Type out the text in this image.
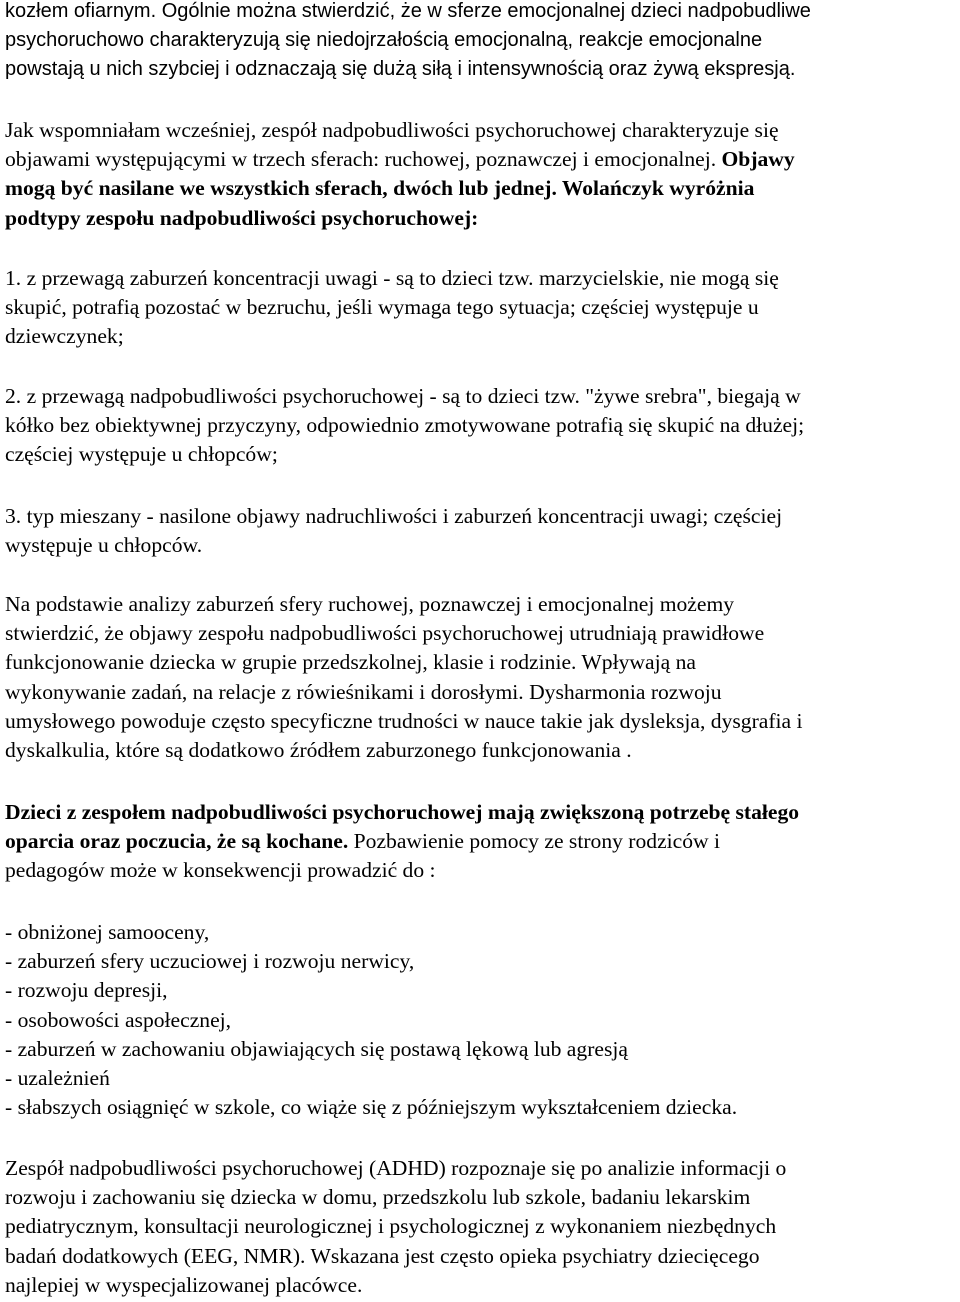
kozłem ofiarnym. Ogólnie można stwierdzić, że w sferze emocjonalnej dzieci nadpobudliwe
psychoruchowo charakteryzują się niedojrzałością emocjonalną, reakcje emocjonalne
powstają u nich szybciej i odznaczają się dużą siłą i intensywnością oraz żywą ekspresją.
Jak wspomniałam wcześniej, zespół nadpobudliwości psychoruchowej charakteryzuje się
objawami występującymi w trzech sferach: ruchowej, poznawczej i emocjonalnej. Objawy
mogą być nasilane we wszystkich sferach, dwóch lub jednej. Wolańczyk wyróżnia
podtypy zespołu nadpobudliwości psychoruchowej:
1. z przewagą zaburzeń koncentracji uwagi - są to dzieci tzw. marzycielskie, nie mogą się
skupić, potrafią pozostać w bezruchu, jeśli wymaga tego sytuacja; częściej występuje u
dziewczynek;
2. z przewagą nadpobudliwości psychoruchowej - są to dzieci tzw. "żywe srebra", biegają w
kółko bez obiektywnej przyczyny, odpowiednio zmotywowane potrafią się skupić na dłużej;
częściej występuje u chłopców;
3. typ mieszany - nasilone objawy nadruchliwości i zaburzeń koncentracji uwagi; częściej
występuje u chłopców.
Na podstawie analizy zaburzeń sfery ruchowej, poznawczej i emocjonalnej możemy
stwierdzić, że objawy zespołu nadpobudliwości psychoruchowej utrudniają prawidłowe
funkcjonowanie dziecka w grupie przedszkolnej, klasie i rodzinie. Wpływają na
wykonywanie zadań, na relacje z rówieśnikami i dorosłymi. Dysharmonia rozwoju
umysłowego powoduje często specyficzne trudności w nauce takie jak dysleksja, dysgrafia i
dyskalkulia, które są dodatkowo źródłem zaburzonego funkcjonowania .
Dzieci z zespołem nadpobudliwości psychoruchowej mają zwiększoną potrzebę stałego
oparcia oraz poczucia, że są kochane. Pozbawienie pomocy ze strony rodziców i
pedagogów może w konsekwencji prowadzić do :
- obniżonej samooceny,
- zaburzeń sfery uczuciowej i rozwoju nerwicy,
- rozwoju depresji,
- osobowości aspołecznej,
- zaburzeń w zachowaniu objawiających się postawą lękową lub agresją
- uzależnień
- słabszych osiągnięć w szkole, co wiąże się z późniejszym wykształceniem dziecka.
Zespół nadpobudliwości psychoruchowej (ADHD) rozpoznaje się po analizie informacji o
rozwoju i zachowaniu się dziecka w domu, przedszkolu lub szkole, badaniu lekarskim
pediatrycznym, konsultacji neurologicznej i psychologicznej z wykonaniem niezbędnych
badań dodatkowych (EEG, NMR). Wskazana jest często opieka psychiatry dziecięcego
najlepiej w wyspecjalizowanej placówce.
